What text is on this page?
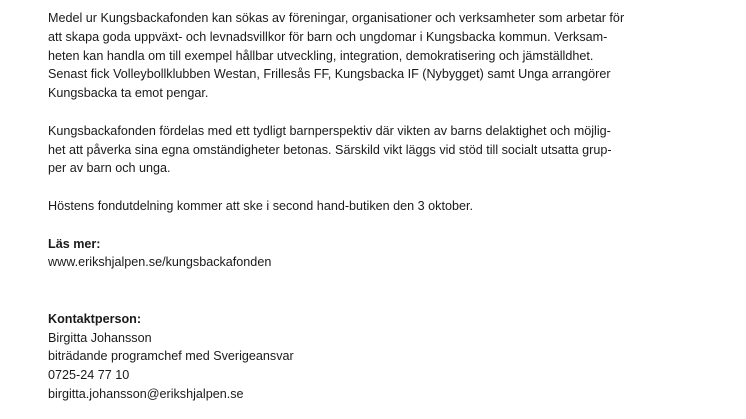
Medel ur Kungsbackafonden kan sökas av föreningar, organisationer och verksamheter som arbetar för
att skapa goda uppväxt- och levnadsvillkor för barn och ungdomar i Kungsbacka kommun. Verksam-
heten kan handla om till exempel hållbar utveckling, integration, demokratisering och jämställdhet.
Senast fick Volleybollklubben Westan, Frillesås FF, Kungsbacka IF (Nybygget) samt Unga arrangörer
Kungsbacka ta emot pengar.

Kungsbackafonden fördelas med ett tydligt barnperspektiv där vikten av barns delaktighet och möjlig-
het att påverka sina egna omständigheter betonas. Särskild vikt läggs vid stöd till socialt utsatta grup-
per av barn och unga.

Höstens fondutdelning kommer att ske i second hand-butiken den 3 oktober.

Läs mer:
www.erikshjalpen.se/kungsbackafonden
Kontaktperson:
Birgitta Johansson
biträdande programchef med Sverigeansvar
0725-24 77 10
birgitta.johansson@erikshjalpen.se
